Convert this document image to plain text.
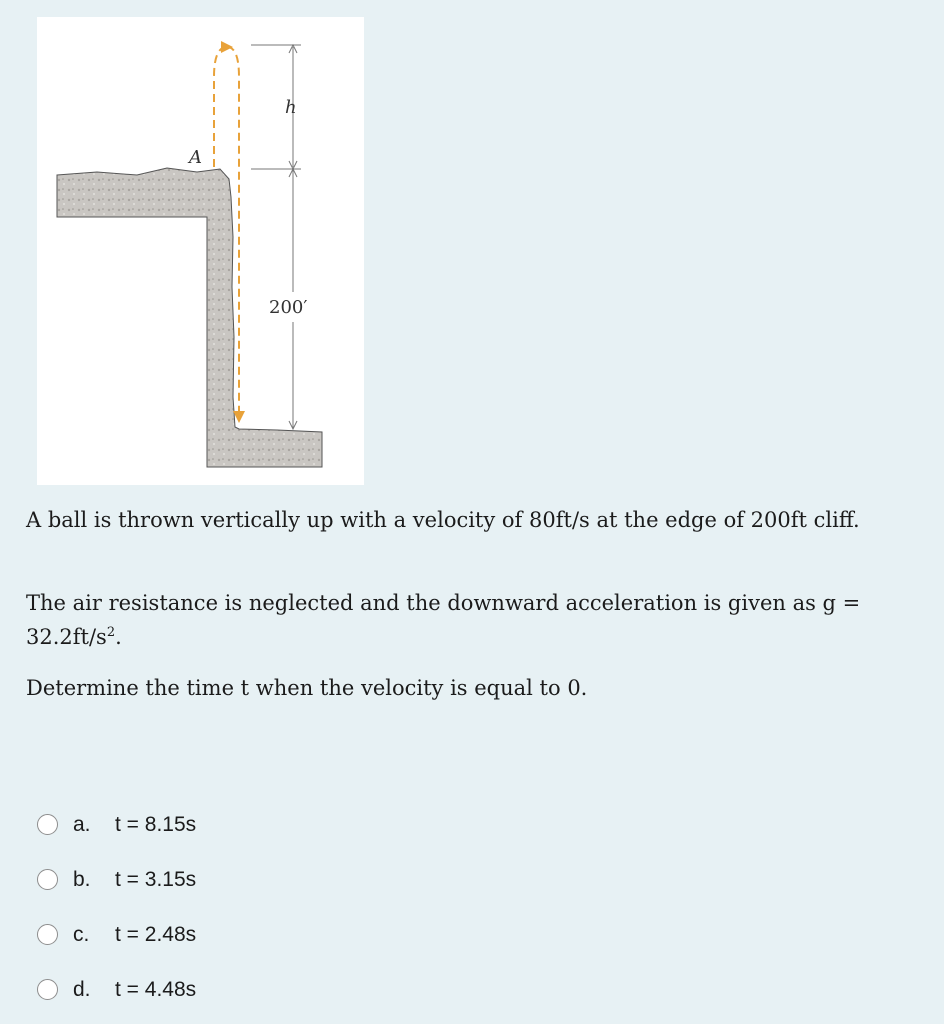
A
h
200′

A ball is thrown vertically up with a velocity of 80ft/s at the edge of 200ft cliff.

The air resistance is neglected and the downward acceleration is given as $g = 32.2ft/s^2$.

Determine the time t when the velocity is equal to 0.

a.	t = 8.15s
b.	t = 3.15s
c.	t = 2.48s
d.	t = 4.48s
